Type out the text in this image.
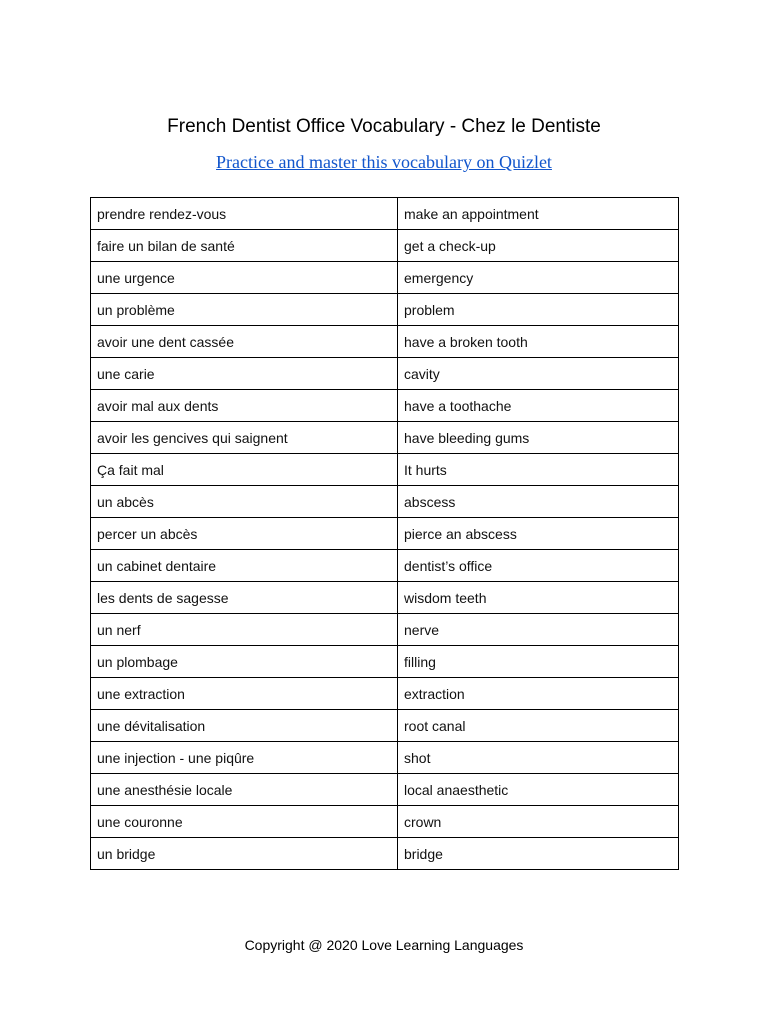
French Dentist Office Vocabulary - Chez le Dentiste
Practice and master this vocabulary on Quizlet
prendre rendez-vous	make an appointment
faire un bilan de santé	get a check-up
une urgence	emergency
un problème	problem
avoir une dent cassée	have a broken tooth
une carie	cavity
avoir mal aux dents	have a toothache
avoir les gencives qui saignent	have bleeding gums
Ça fait mal	It hurts
un abcès	abscess
percer un abcès	pierce an abscess
un cabinet dentaire	dentist’s office
les dents de sagesse	wisdom teeth
un nerf	nerve
un plombage	filling
une extraction	extraction
une dévitalisation	root canal
une injection - une piqûre	shot
une anesthésie locale	local anaesthetic
une couronne	crown
un bridge	bridge
Copyright @ 2020 Love Learning Languages
